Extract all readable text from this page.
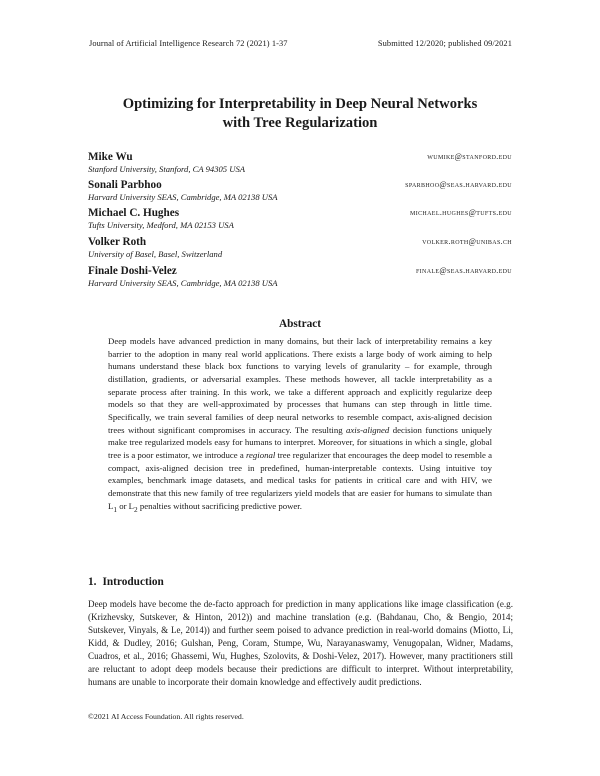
Journal of Artificial Intelligence Research 72 (2021) 1-37	Submitted 12/2020; published 09/2021
Optimizing for Interpretability in Deep Neural Networks
with Tree Regularization
Mike Wu	wumike@stanford.edu
Stanford University, Stanford, CA 94305 USA
Sonali Parbhoo	sparbhoo@seas.harvard.edu
Harvard University SEAS, Cambridge, MA 02138 USA
Michael C. Hughes	michael.hughes@tufts.edu
Tufts University, Medford, MA 02153 USA
Volker Roth	volker.roth@unibas.ch
University of Basel, Basel, Switzerland
Finale Doshi-Velez	finale@seas.harvard.edu
Harvard University SEAS, Cambridge, MA 02138 USA
Abstract
Deep models have advanced prediction in many domains, but their lack of interpretability remains a key barrier to the adoption in many real world applications. There exists a large body of work aiming to help humans understand these black box functions to varying levels of granularity – for example, through distillation, gradients, or adversarial examples. These methods however, all tackle interpretability as a separate process after training. In this work, we take a different approach and explicitly regularize deep models so that they are well-approximated by processes that humans can step through in little time. Specifically, we train several families of deep neural networks to resemble compact, axis-aligned decision trees without significant compromises in accuracy. The resulting axis-aligned decision functions uniquely make tree regularized models easy for humans to interpret. Moreover, for situations in which a single, global tree is a poor estimator, we introduce a regional tree regularizer that encourages the deep model to resemble a compact, axis-aligned decision tree in predefined, human-interpretable contexts. Using intuitive toy examples, benchmark image datasets, and medical tasks for patients in critical care and with HIV, we demonstrate that this new family of tree regularizers yield models that are easier for humans to simulate than $L_1$ or $L_2$ penalties without sacrificing predictive power.
1. Introduction
Deep models have become the de-facto approach for prediction in many applications like image classification (e.g. (Krizhevsky, Sutskever, & Hinton, 2012)) and machine translation (e.g. (Bahdanau, Cho, & Bengio, 2014; Sutskever, Vinyals, & Le, 2014)) and further seem poised to advance prediction in real-world domains (Miotto, Li, Kidd, & Dudley, 2016; Gulshan, Peng, Coram, Stumpe, Wu, Narayanaswamy, Venugopalan, Widner, Madams, Cuadros, et al., 2016; Ghassemi, Wu, Hughes, Szolovits, & Doshi-Velez, 2017). However, many practitioners still are reluctant to adopt deep models because their predictions are difficult to interpret. Without interpretability, humans are unable to incorporate their domain knowledge and effectively audit predictions.
©2021 AI Access Foundation. All rights reserved.
